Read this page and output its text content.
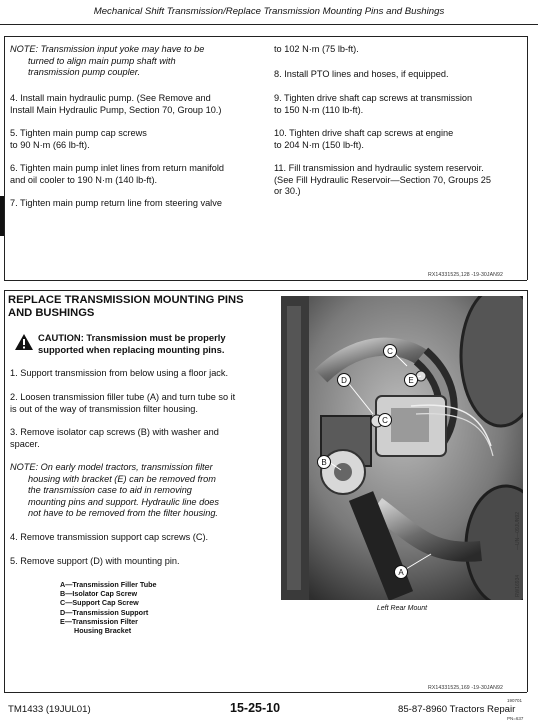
Mechanical Shift Transmission/Replace Transmission Mounting Pins and Bushings
NOTE: Transmission input yoke may have to be
turned to align main pump shaft with
transmission pump coupler.
4. Install main hydraulic pump. (See Remove and
Install Main Hydraulic Pump, Section 70, Group 10.)
5. Tighten main pump cap screws
to 90 N·m (66 lb-ft).
6. Tighten main pump inlet lines from return manifold
and oil cooler to 190 N·m (140 lb-ft).
7. Tighten main pump return line from steering valve
to 102 N·m (75 lb-ft).
8. Install PTO lines and hoses, if equipped.
9. Tighten drive shaft cap screws at transmission
to 150 N·m (110 lb-ft).
10. Tighten drive shaft cap screws at engine
to 204 N·m (150 lb-ft).
11. Fill transmission and hydraulic system reservoir.
(See Fill Hydraulic Reservoir—Section 70, Groups 25
or 30.)
RX14331525,128 -19-30JAN92
REPLACE TRANSMISSION MOUNTING PINS
AND BUSHINGS
CAUTION: Transmission must be properly
supported when replacing mounting pins.
1. Support transmission from below using a floor jack.
2. Loosen transmission filler tube (A) and turn tube so it
is out of the way of transmission filter housing.
3. Remove isolator cap screws (B) with washer and
spacer.
NOTE: On early model tractors, transmission filter
housing with bracket (E) can be removed from
the transmission case to aid in removing
mounting pins and support. Hydraulic line does
not have to be removed from the filter housing.
4. Remove transmission support cap screws (C).
5. Remove support (D) with mounting pin.
A—Transmission Filler Tube
B—Isolator Cap Screw
C—Support Cap Screw
D—Transmission Support
E—Transmission Filter
Housing Bracket
C
D	E
C
B
A
—UN—09JUN92
RW16934
Left Rear Mount
RX14331525,169 -19-30JAN92
TM1433 (19JUL01)	15-25-10	85-87-8960 Tractors Repair
190701
PN=637
